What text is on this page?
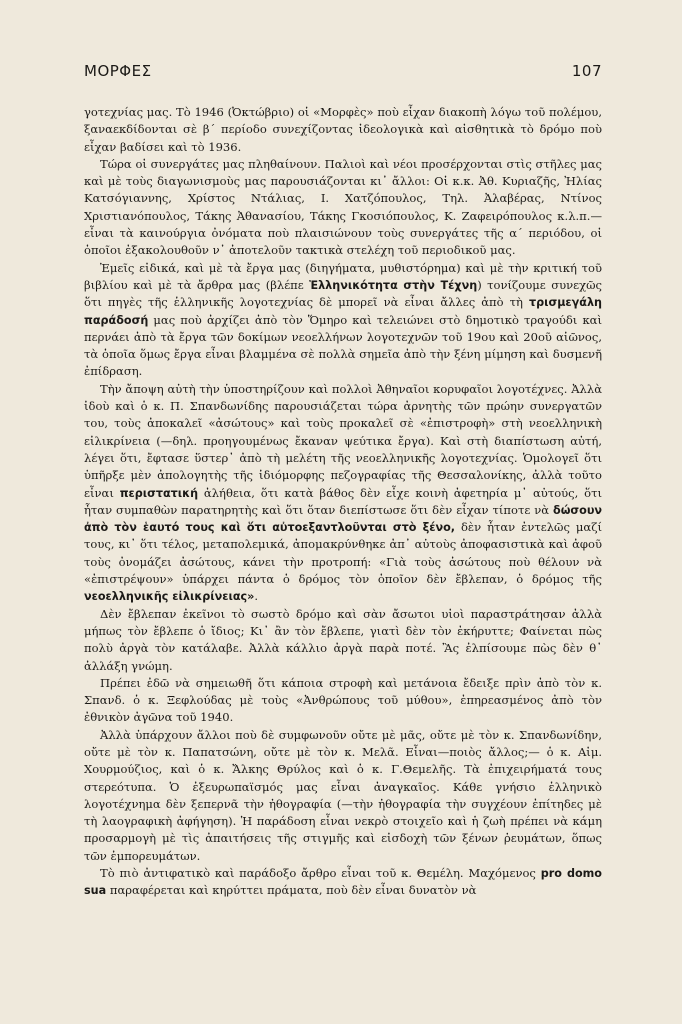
ΜΟΡΦΕΣ	107

γοτεχνίας μας. Τὸ 1946 (Ὀκτώβριο) οἱ «Μορφὲς» ποὺ εἶχαν διακοπὴ λόγω τοῦ πολέμου, ξαναεκδίδονται σὲ β΄ περίοδο συνεχίζοντας ἰδεολογικὰ καὶ αἰσθητικὰ τὸ δρόμο ποὺ εἶχαν βαδίσει καὶ τὸ 1936.

Τώρα οἱ συνεργάτες μας πληθαίνουν. Παλιοὶ καὶ νέοι προσέρχονται στὶς στῆλες μας καὶ μὲ τοὺς διαγωνισμοὺς μας παρουσιάζονται κι᾽ ἄλλοι: Οἱ κ.κ. Ἀθ. Κυριαζῆς, Ἠλίας Κατσόγιαννης, Χρίστος Ντάλιας, Ι. Χατζόπουλος, Τηλ. Ἀλαβέρας, Ντίνος Χριστιανόπουλος, Τάκης Ἀθανασίου, Τάκης Γκοσιόπουλος, Κ. Ζαφειρόπουλος κ.λ.π.—εἶναι τὰ καινούργια ὀνόματα ποὺ πλαισιώνουν τοὺς συνεργάτες τῆς α΄ περιόδου, οἱ ὁποῖοι ἐξακολουθοῦν ν᾽ ἀποτελοῦν τακτικὰ στελέχη τοῦ περιοδικοῦ μας.

Ἐμεῖς εἰδικά, καὶ μὲ τὰ ἔργα μας (διηγήματα, μυθιστόρημα) καὶ μὲ τὴν κριτική τοῦ βιβλίου καὶ μὲ τὰ ἄρθρα μας (βλέπε Ἑλληνικότητα στὴν Τέχνη) τονίζουμε συνεχῶς ὅτι πηγὲς τῆς ἑλληνικῆς λογοτεχνίας δὲ μπορεῖ νὰ εἶναι ἄλλες ἀπὸ τὴ τρισμεγάλη παράδοσή μας ποὺ ἀρχίζει ἀπὸ τὸν Ὅμηρο καὶ τελειώνει στὸ δημοτικὸ τραγούδι καὶ περνάει ἀπὸ τὰ ἔργα τῶν δοκίμων νεοελλήνων λογοτεχνῶν τοῦ 19ου καὶ 20οῦ αἰῶνος, τὰ ὁποῖα ὅμως ἔργα εἶναι βλαμμένα σὲ πολλὰ σημεῖα ἀπὸ τὴν ξένη μίμηση καὶ δυσμενῆ ἐπίδραση.

Τὴν ἄποψη αὐτὴ τὴν ὑποστηρίζουν καὶ πολλοὶ Ἀθηναῖοι κορυφαῖοι λογοτέχνες. Ἀλλὰ ἰδοὺ καὶ ὁ κ. Π. Σπανδωνίδης παρουσιάζεται τώρα ἀρνητὴς τῶν πρώην συνεργατῶν του, τοὺς ἀποκαλεῖ «ἀσώτους» καὶ τοὺς προκαλεῖ σὲ «ἐπιστροφὴ» στὴ νεοελληνικὴ εἰλικρίνεια (—δηλ. προηγουμένως ἔκαναν ψεύτικα ἔργα). Καὶ στὴ διαπίστωση αὐτή, λέγει ὅτι, ἔφτασε ὕστερ᾽ ἀπὸ τὴ μελέτη τῆς νεοελληνικῆς λογοτεχνίας. Ὁμολογεῖ ὅτι ὑπῆρξε μὲν ἀπολογητὴς τῆς ἰδιόμορφης πεζογραφίας τῆς Θεσσαλονίκης, ἀλλὰ τοῦτο εἶναι περιστατική ἀλήθεια, ὅτι κατὰ βάθος δὲν εἶχε κοινὴ ἀφετηρία μ᾽ αὐτούς, ὅτι ἦταν συμπαθὼν παρατηρητὴς καὶ ὅτι ὅταν διεπίστωσε ὅτι δὲν εἶχαν τίποτε νὰ δώσουν ἀπὸ τὸν ἑαυτό τους καὶ ὅτι αὐτοεξαντλοῦνται στὸ ξένο, δὲν ἦταν ἐντελῶς μαζί τους, κι᾽ ὅτι τέλος, μεταπολεμικά, ἀπομακρύνθηκε ἀπ᾽ αὐτοὺς ἀποφασιστικὰ καὶ ἀφοῦ τοὺς ὀνομάζει ἀσώτους, κάνει τὴν προτροπή: «Γιὰ τοὺς ἀσώτους ποὺ θέλουν νὰ «ἐπιστρέψουν» ὑπάρχει πάντα ὁ δρόμος τὸν ὁποῖον δὲν ἔβλεπαν, ὁ δρόμος τῆς νεοελληνικῆς εἰλικρίνειας».

Δὲν ἔβλεπαν ἐκεῖνοι τὸ σωστὸ δρόμο καὶ σὰν ἄσωτοι υἱοὶ παραστράτησαν ἀλλὰ μήπως τὸν ἔβλεπε ὁ ἴδιος; Κι᾽ ἂν τὸν ἔβλεπε, γιατὶ δὲν τὸν ἐκήρυττε; Φαίνεται πὼς πολὺ ἀργὰ τὸν κατάλαβε. Ἀλλὰ κάλλιο ἀργὰ παρὰ ποτέ. Ἂς ἐλπίσουμε πὼς δὲν θ᾽ ἀλλάξη γνώμη.

Πρέπει ἐδῶ νὰ σημειωθῆ ὅτι κάποια στροφὴ καὶ μετάνοια ἔδειξε πρὶν ἀπὸ τὸν κ. Σπανδ. ὁ κ. Ξεφλούδας μὲ τοὺς «Ἀνθρώπους τοῦ μύθου», ἐπηρεασμένος ἀπὸ τὸν ἐθνικὸν ἀγῶνα τοῦ 1940.

Ἀλλὰ ὑπάρχουν ἄλλοι ποὺ δὲ συμφωνοῦν οὔτε μὲ μᾶς, οὔτε μὲ τὸν κ. Σπανδωνίδην, οὔτε μὲ τὸν κ. Παπατσώνη, οὔτε μὲ τὸν κ. Μελᾶ. Εἶναι—ποιὸς ἄλλος;— ὁ κ. Αἰμ. Χουρμούζιος, καὶ ὁ κ. Ἄλκης Θρύλος καὶ ὁ κ. Γ.Θεμελῆς. Τὰ ἐπιχειρήματά τους στερεότυπα. Ὁ ἐξευρωπαϊσμός μας εἶναι ἀναγκαῖος. Κάθε γνήσιο ἑλληνικὸ λογοτέχνημα δὲν ξεπερνᾶ τὴν ἠθογραφία (—τὴν ἠθογραφία τὴν συγχέουν ἐπίτηδες μὲ τὴ λαογραφικὴ ἀφήγηση). Ἡ παράδοση εἶναι νεκρὸ στοιχεῖο καὶ ἡ ζωὴ πρέπει νὰ κάμη προσαρμογὴ μὲ τὶς ἀπαιτήσεις τῆς στιγμῆς καὶ εἰσδοχὴ τῶν ξένων ῥευμάτων, ὅπως τῶν ἐμπορευμάτων.

Τὸ πιὸ ἀντιφατικὸ καὶ παράδοξο ἄρθρο εἶναι τοῦ κ. Θεμέλη. Μαχόμενος pro domo sua παραφέρεται καὶ κηρύττει πράματα, ποὺ δὲν εἶναι δυνατὸν νὰ
